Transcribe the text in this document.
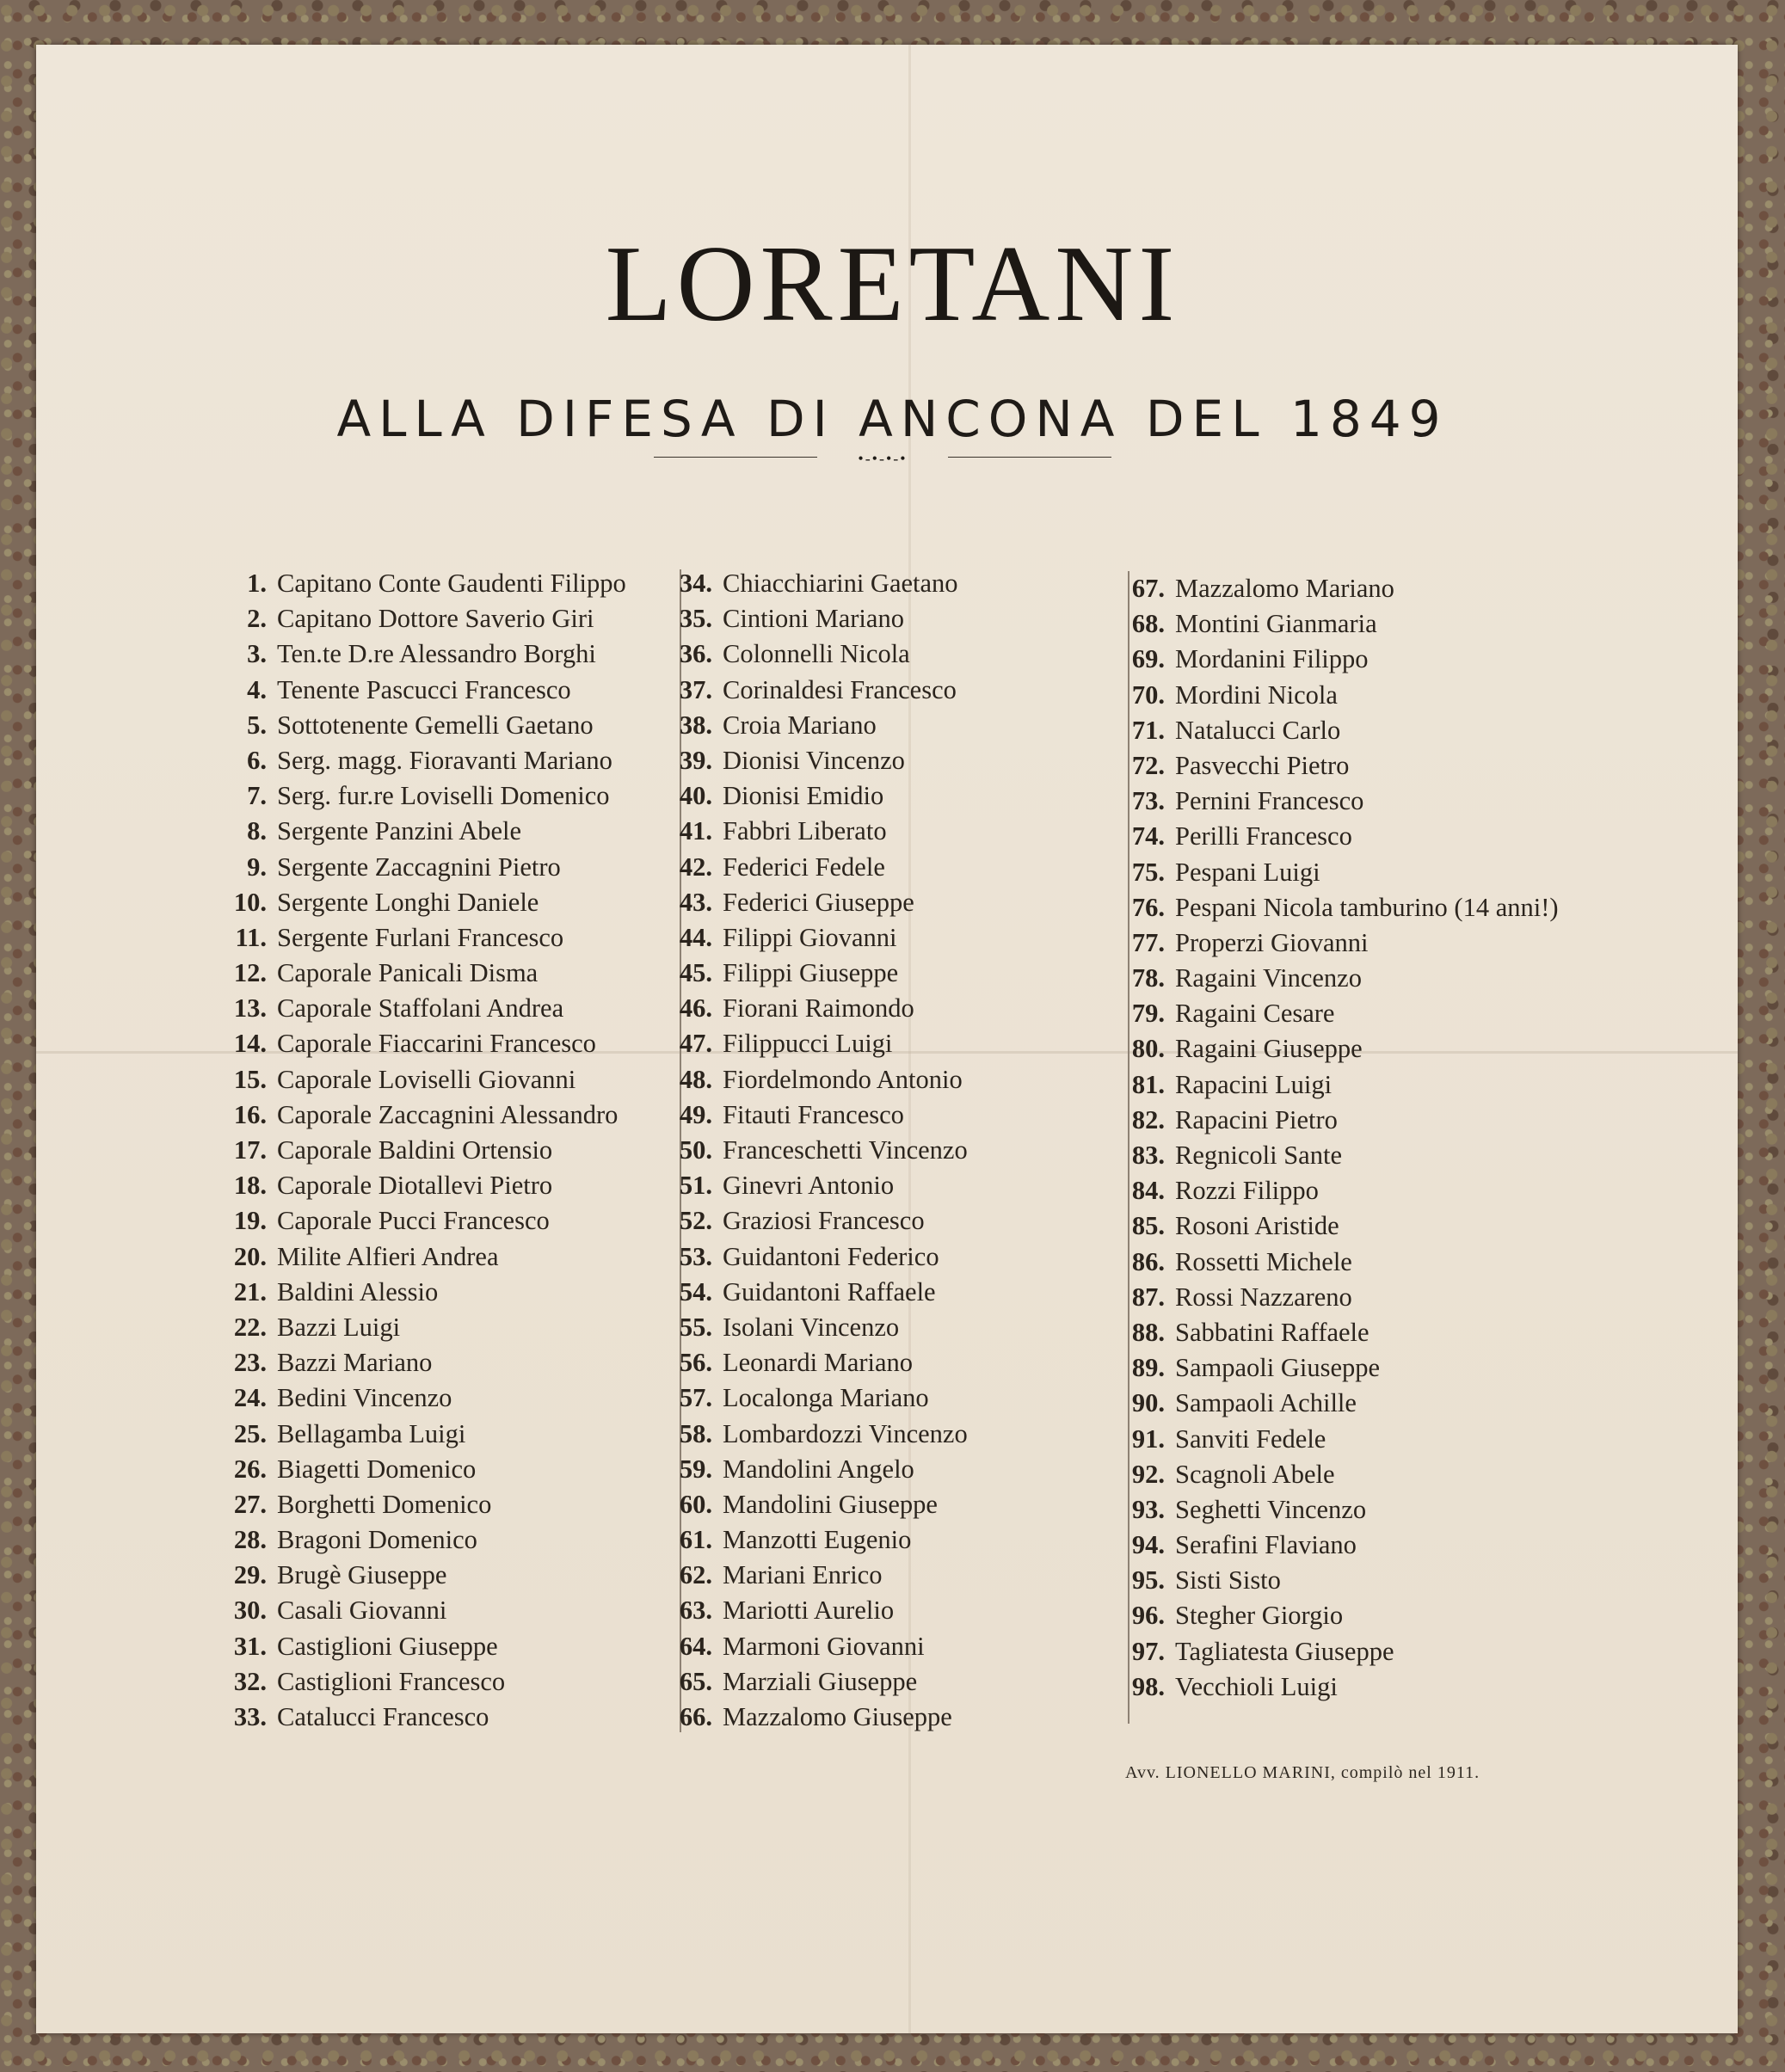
LORETANI
ALLA DIFESA DI ANCONA DEL 1849
•-•-•-•
1. Capitano Conte Gaudenti Filippo
2. Capitano Dottore Saverio Giri
3. Ten.te D.re Alessandro Borghi
4. Tenente Pascucci Francesco
5. Sottotenente Gemelli Gaetano
6. Serg. magg. Fioravanti Mariano
7. Serg. fur.re Loviselli Domenico
8. Sergente Panzini Abele
9. Sergente Zaccagnini Pietro
10. Sergente Longhi Daniele
11. Sergente Furlani Francesco
12. Caporale Panicali Disma
13. Caporale Staffolani Andrea
14. Caporale Fiaccarini Francesco
15. Caporale Loviselli Giovanni
16. Caporale Zaccagnini Alessandro
17. Caporale Baldini Ortensio
18. Caporale Diotallevi Pietro
19. Caporale Pucci Francesco
20. Milite Alfieri Andrea
21. Baldini Alessio
22. Bazzi Luigi
23. Bazzi Mariano
24. Bedini Vincenzo
25. Bellagamba Luigi
26. Biagetti Domenico
27. Borghetti Domenico
28. Bragoni Domenico
29. Brugè Giuseppe
30. Casali Giovanni
31. Castiglioni Giuseppe
32. Castiglioni Francesco
33. Catalucci Francesco
34. Chiacchiarini Gaetano
35. Cintioni Mariano
36. Colonnelli Nicola
37. Corinaldesi Francesco
38. Croia Mariano
39. Dionisi Vincenzo
40. Dionisi Emidio
41. Fabbri Liberato
42. Federici Fedele
43. Federici Giuseppe
44. Filippi Giovanni
45. Filippi Giuseppe
46. Fiorani Raimondo
47. Filippucci Luigi
48. Fiordelmondo Antonio
49. Fitauti Francesco
50. Franceschetti Vincenzo
51. Ginevri Antonio
52. Graziosi Francesco
53. Guidantoni Federico
54. Guidantoni Raffaele
55. Isolani Vincenzo
56. Leonardi Mariano
57. Localonga Mariano
58. Lombardozzi Vincenzo
59. Mandolini Angelo
60. Mandolini Giuseppe
61. Manzotti Eugenio
62. Mariani Enrico
63. Mariotti Aurelio
64. Marmoni Giovanni
65. Marziali Giuseppe
66. Mazzalomo Giuseppe
67. Mazzalomo Mariano
68. Montini Gianmaria
69. Mordanini Filippo
70. Mordini Nicola
71. Natalucci Carlo
72. Pasvecchi Pietro
73. Pernini Francesco
74. Perilli Francesco
75. Pespani Luigi
76. Pespani Nicola tamburino (14 anni!)
77. Properzi Giovanni
78. Ragaini Vincenzo
79. Ragaini Cesare
80. Ragaini Giuseppe
81. Rapacini Luigi
82. Rapacini Pietro
83. Regnicoli Sante
84. Rozzi Filippo
85. Rosoni Aristide
86. Rossetti Michele
87. Rossi Nazzareno
88. Sabbatini Raffaele
89. Sampaoli Giuseppe
90. Sampaoli Achille
91. Sanviti Fedele
92. Scagnoli Abele
93. Seghetti Vincenzo
94. Serafini Flaviano
95. Sisti Sisto
96. Stegher Giorgio
97. Tagliatesta Giuseppe
98. Vecchioli Luigi
Avv. LIONELLO MARINI, compilò nel 1911.
